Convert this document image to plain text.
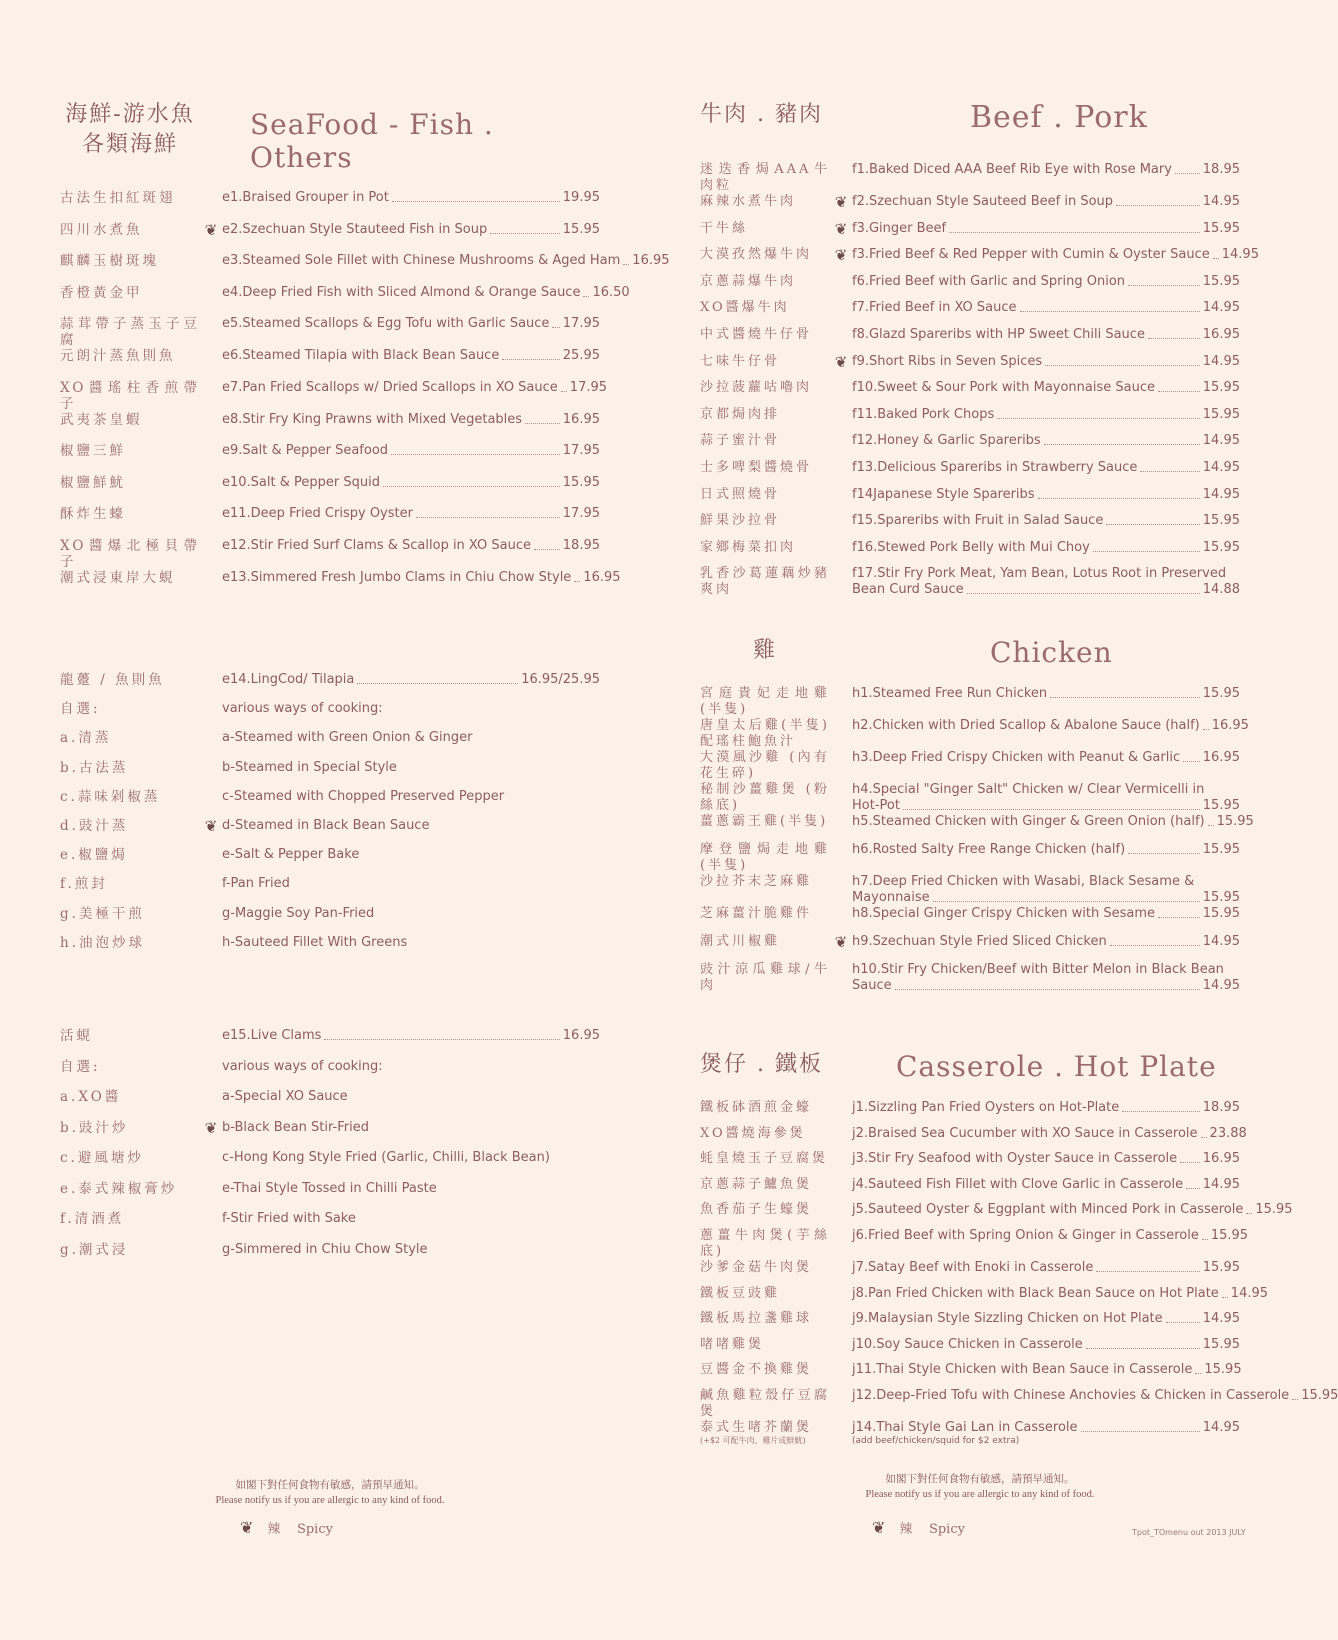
海鮮-游水魚 各類海鮮
SeaFood - Fish . Others
古法生扣紅斑翅	e1.Braised Grouper in Pot	19.95
四川水煮魚	❦ e2.Szechuan Style Stauteed Fish in Soup	15.95
麒麟玉樹斑塊	e3.Steamed Sole Fillet with Chinese Mushrooms & Aged Ham 16.95
香橙黃金甲	e4.Deep Fried Fish with Sliced Almond & Orange Sauce 16.50
蒜茸帶子蒸玉子豆腐
e5.Steamed Scallops & Egg Tofu with Garlic Sauce 17.95
元朗汁蒸魚則魚	e6.Steamed Tilapia with Black Bean Sauce	25.95
XO醬瑤柱香煎帶子
e7.Pan Fried Scallops w/ Dried Scallops in XO Sauce 17.95
武夷茶皇蝦	e8.Stir Fry King Prawns with Mixed Vegetables	16.95
椒鹽三鮮	e9.Salt & Pepper Seafood	17.95
椒鹽鮮魷	e10.Salt & Pepper Squid	15.95
酥炸生蠔	e11.Deep Fried Crispy Oyster	17.95
XO醬爆北極貝帶子
e12.Stir Fried Surf Clams & Scallop in XO Sauce 18.95
潮式浸東岸大蜆	e13.Simmered Fresh Jumbo Clams in Chiu Chow Style 16.95
龍躉 / 魚則魚	e14.LingCod/ Tilapia	16.95/25.95
自選:	various ways of cooking:
a.清蒸	a-Steamed with Green Onion & Ginger
b.古法蒸	b-Steamed in Special Style
c.蒜味剁椒蒸	c-Steamed with Chopped Preserved Pepper
d.豉汁蒸	❦ d-Steamed in Black Bean Sauce
e.椒鹽焗	e-Salt & Pepper Bake
f.煎封	f-Pan Fried
g.美極干煎	g-Maggie Soy Pan-Fried
h.油泡炒球	h-Sauteed Fillet With Greens
活蜆	e15.Live Clams	16.95
自選:	various ways of cooking:
a.XO醬	a-Special XO Sauce
b.豉汁炒	❦ b-Black Bean Stir-Fried
c.避風塘炒	c-Hong Kong Style Fried (Garlic, Chilli, Black Bean)
e.泰式辣椒膏炒	e-Thai Style Tossed in Chilli Paste
f.清酒煮	f-Stir Fried with Sake
g.潮式浸	g-Simmered in Chiu Chow Style
如閣下對任何食物有敏感，請預早通知。
Please notify us if you are allergic to any kind of food.
❦ 辣 Spicy
牛肉 . 豬肉	Beef . Pork
迷迭香焗AAA牛肉粒
f1.Baked Diced AAA Beef Rib Eye with Rose Mary 18.95
麻辣水煮牛肉	❦ f2.Szechuan Style Sauteed Beef in Soup	14.95
干牛絲	❦ f3.Ginger Beef	15.95
大漠孜然爆牛肉	❦ f3.Fried Beef & Red Pepper with Cumin & Oyster Sauce 14.95
京蔥蒜爆牛肉	f6.Fried Beef with Garlic and Spring Onion	15.95
XO醬爆牛肉	f7.Fried Beef in XO Sauce	14.95
中式醬燒牛仔骨	f8.Glazd Spareribs with HP Sweet Chili Sauce	16.95
七味牛仔骨	❦ f9.Short Ribs in Seven Spices	14.95
沙拉菠蘿咕嚕肉	f10.Sweet & Sour Pork with Mayonnaise Sauce	15.95
京都焗肉排	f11.Baked Pork Chops	15.95
蒜子蜜汁骨	f12.Honey & Garlic Spareribs	14.95
士多啤梨醬燒骨	f13.Delicious Spareribs in Strawberry Sauce	14.95
日式照燒骨	f14Japanese Style Spareribs	14.95
鮮果沙拉骨	f15.Spareribs with Fruit in Salad Sauce	15.95
家鄉梅菜扣肉	f16.Stewed Pork Belly with Mui Choy	15.95
乳香沙葛蓮藕炒豬爽肉
f17.Stir Fry Pork Meat, Yam Bean, Lotus Root in Preserved
Bean Curd Sauce	14.88
雞	Chicken
宮庭貴妃走地雞(半隻)
h1.Steamed Free Run Chicken	15.95
唐皇太后雞(半隻) 配瑤柱鮑魚汁
h2.Chicken with Dried Scallop & Abalone Sauce (half) 16.95
大漠風沙雞 (內有花生碎)
h3.Deep Fried Crispy Chicken with Peanut & Garlic 16.95
秘制沙薑雞煲 (粉絲底)
h4.Special "Ginger Salt" Chicken w/ Clear Vermicelli in
Hot-Pot	15.95
薑蔥霸王雞(半隻) h5.Steamed Chicken with Ginger & Green Onion (half) 15.95
摩登鹽焗走地雞(半隻)
h6.Rosted Salty Free Range Chicken (half)	15.95
沙拉芥末芝麻雞	h7.Deep Fried Chicken with Wasabi, Black Sesame &
Mayonnaise	15.95
芝麻薑汁脆雞件	h8.Special Ginger Crispy Chicken with Sesame	15.95
潮式川椒雞	❦ h9.Szechuan Style Fried Sliced Chicken	14.95
豉汁涼瓜雞球/牛肉
h10.Stir Fry Chicken/Beef with Bitter Melon in Black Bean
Sauce	14.95
煲仔 . 鐵板	Casserole . Hot Plate
鐵板砵酒煎金蠔	j1.Sizzling Pan Fried Oysters on Hot-Plate	18.95
XO醬燒海參煲	j2.Braised Sea Cucumber with XO Sauce in Casserole 23.88
蚝皇燒玉子豆腐煲 j3.Stir Fry Seafood with Oyster Sauce in Casserole 16.95
京蔥蒜子鱸魚煲	j4.Sauteed Fish Fillet with Clove Garlic in Casserole 14.95
魚香茄子生蠔煲	j5.Sauteed Oyster & Eggplant with Minced Pork in Casserole 15.95
蔥薑牛肉煲(芋絲底)
j6.Fried Beef with Spring Onion & Ginger in Casserole 15.95
沙爹金菇牛肉煲	j7.Satay Beef with Enoki in Casserole	15.95
鐵板豆豉雞	j8.Pan Fried Chicken with Black Bean Sauce on Hot Plate 14.95
鐵板馬拉盞雞球	j9.Malaysian Style Sizzling Chicken on Hot Plate	14.95
啫啫雞煲	j10.Soy Sauce Chicken in Casserole	15.95
豆醬金不換雞煲	j11.Thai Style Chicken with Bean Sauce in Casserole 15.95
鹹魚雞粒殼仔豆腐煲
j12.Deep-Fried Tofu with Chinese Anchovies & Chicken in Casserole 15.95
泰式生啫芥蘭煲
(+$2 可配牛肉、雞片或鮮魷)
j14.Thai Style Gai Lan in Casserole	14.95
(add beef/chicken/squid for $2 extra)
如閣下對任何食物有敏感，請預早通知。
Please notify us if you are allergic to any kind of food.
❦ 辣 Spicy	Tpot_TOmenu out 2013 JULY
